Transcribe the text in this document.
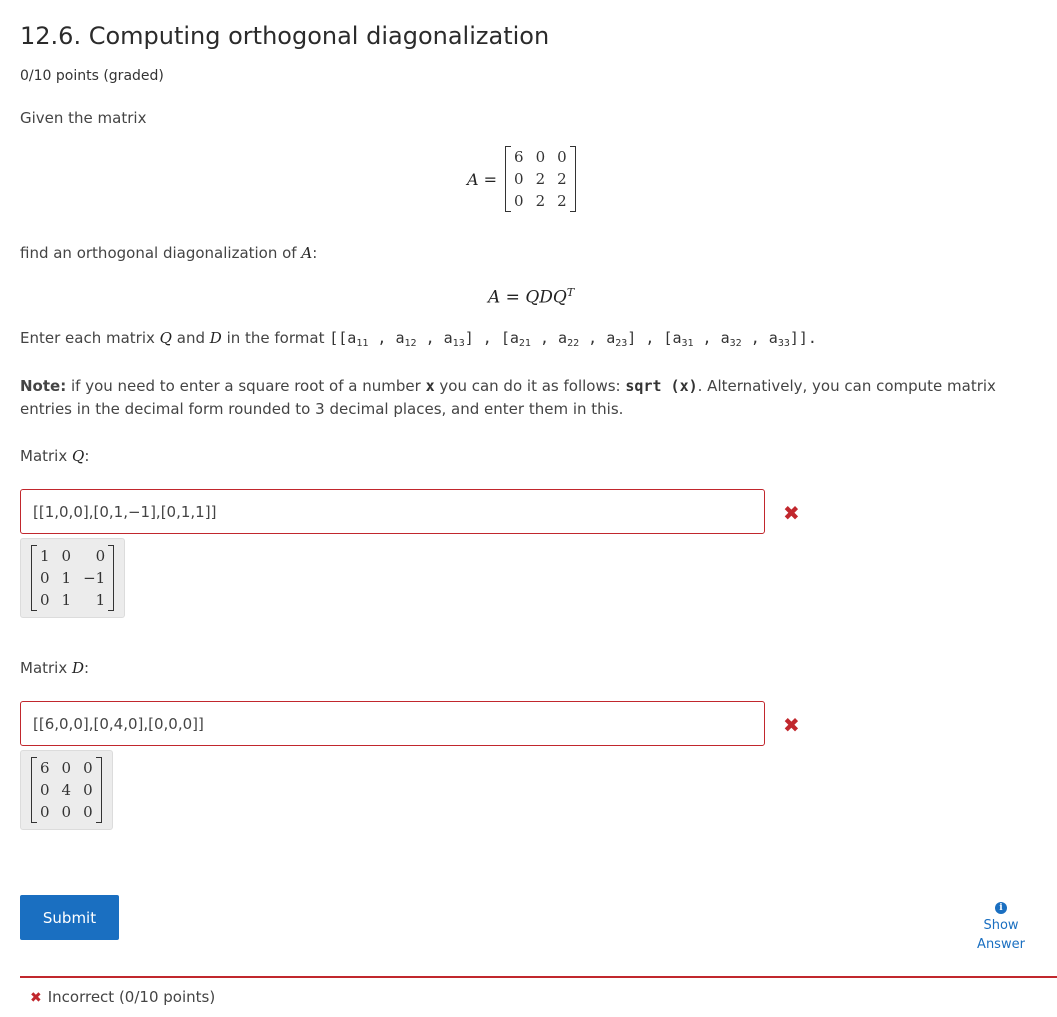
12.6. Computing orthogonal diagonalization
0/10 points (graded)
Given the matrix
A =
6 0 0
0 2 2
0 2 2
find an orthogonal diagonalization of A:
$A = QDQ^T$
Enter each matrix Q and D in the format [[$a_{11}$ , $a_{12}$ , $a_{13}$] , [$a_{21}$ , $a_{22}$ , $a_{23}$] , [$a_{31}$ , $a_{32}$ , $a_{33}$]].
Note: if you need to enter a square root of a number x you can do it as follows: sqrt (x). Alternatively, you can compute matrix
entries in the decimal form rounded to 3 decimal places, and enter them in this.
Matrix Q:
[[1,0,0],[0,1,−1],[0,1,1]]
✖
1 0 0
0 1 −1
0 1 1
Matrix D:
[[6,0,0],[0,4,0],[0,0,0]]
✖
6 0 0
0 4 0
0 0 0
Submit
i
Show
Answer
✖ Incorrect (0/10 points)
